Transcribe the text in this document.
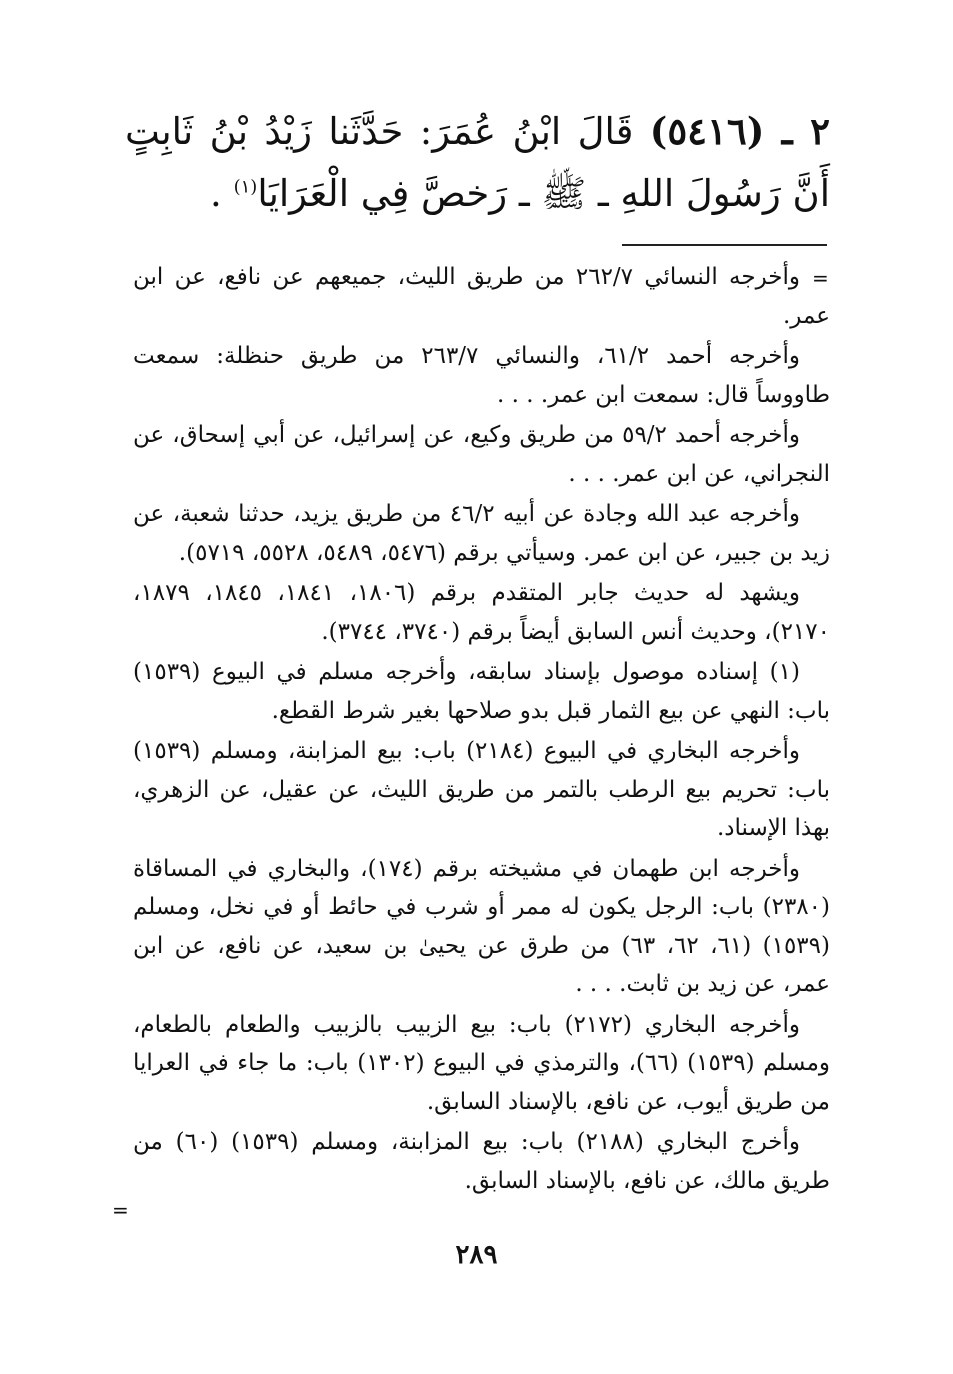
٢ ـ (٥٤١٦) قَالَ ابْنُ عُمَرَ: حَدَّثَنا زَيْدُ بْنُ ثَابِتٍ أَنَّ رَسُولَ اللهِ ـ ﷺ ـ رَخصَّ فِي الْعَرَايَا$^{(١)}$ .
=

وأخرجه النسائي ٢٦٢/٧ من طريق الليث، جميعهم عن نافع، عن ابن عمر.

وأخرجه أحمد ٦١/٢، والنسائي ٢٦٣/٧ من طريق حنظلة: سمعت طاووساً قال: سمعت ابن عمر. . . .

وأخرجه أحمد ٥٩/٢ من طريق وكيع، عن إسرائيل، عن أبي إسحاق، عن النجراني، عن ابن عمر. . . .

وأخرجه عبد الله وجادة عن أبيه ٤٦/٢ من طريق يزيد، حدثنا شعبة، عن زيد بن جبير، عن ابن عمر. وسيأتي برقم (٥٤٧٦، ٥٤٨٩، ٥٥٢٨، ٥٧١٩).

ويشهد له حديث جابر المتقدم برقم (١٨٠٦، ١٨٤١، ١٨٤٥، ١٨٧٩، ٢١٧٠)، وحديث أنس السابق أيضاً برقم (٣٧٤٠، ٣٧٤٤).

(١) إسناده موصول بإسناد سابقه، وأخرجه مسلم في البيوع (١٥٣٩) باب: النهي عن بيع الثمار قبل بدو صلاحها بغير شرط القطع.

وأخرجه البخاري في البيوع (٢١٨٤) باب: بيع المزابنة، ومسلم (١٥٣٩) باب: تحريم بيع الرطب بالتمر من طريق الليث، عن عقيل، عن الزهري، بهذا الإسناد.

وأخرجه ابن طهمان في مشيخته برقم (١٧٤)، والبخاري في المساقاة (٢٣٨٠) باب: الرجل يكون له ممر أو شرب في حائط أو في نخل، ومسلم (١٥٣٩) (٦١، ٦٢، ٦٣) من طرق عن يحيىٰ بن سعيد، عن نافع، عن ابن عمر، عن زيد بن ثابت. . . .

وأخرجه البخاري (٢١٧٢) باب: بيع الزبيب بالزبيب والطعام بالطعام، ومسلم (١٥٣٩) (٦٦)، والترمذي في البيوع (١٣٠٢) باب: ما جاء في العرايا من طريق أيوب، عن نافع، بالإسناد السابق.

وأخرج البخاري (٢١٨٨) باب: بيع المزابنة، ومسلم (١٥٣٩) (٦٠) من طريق مالك، عن نافع، بالإسناد السابق.

=
٢٨٩
